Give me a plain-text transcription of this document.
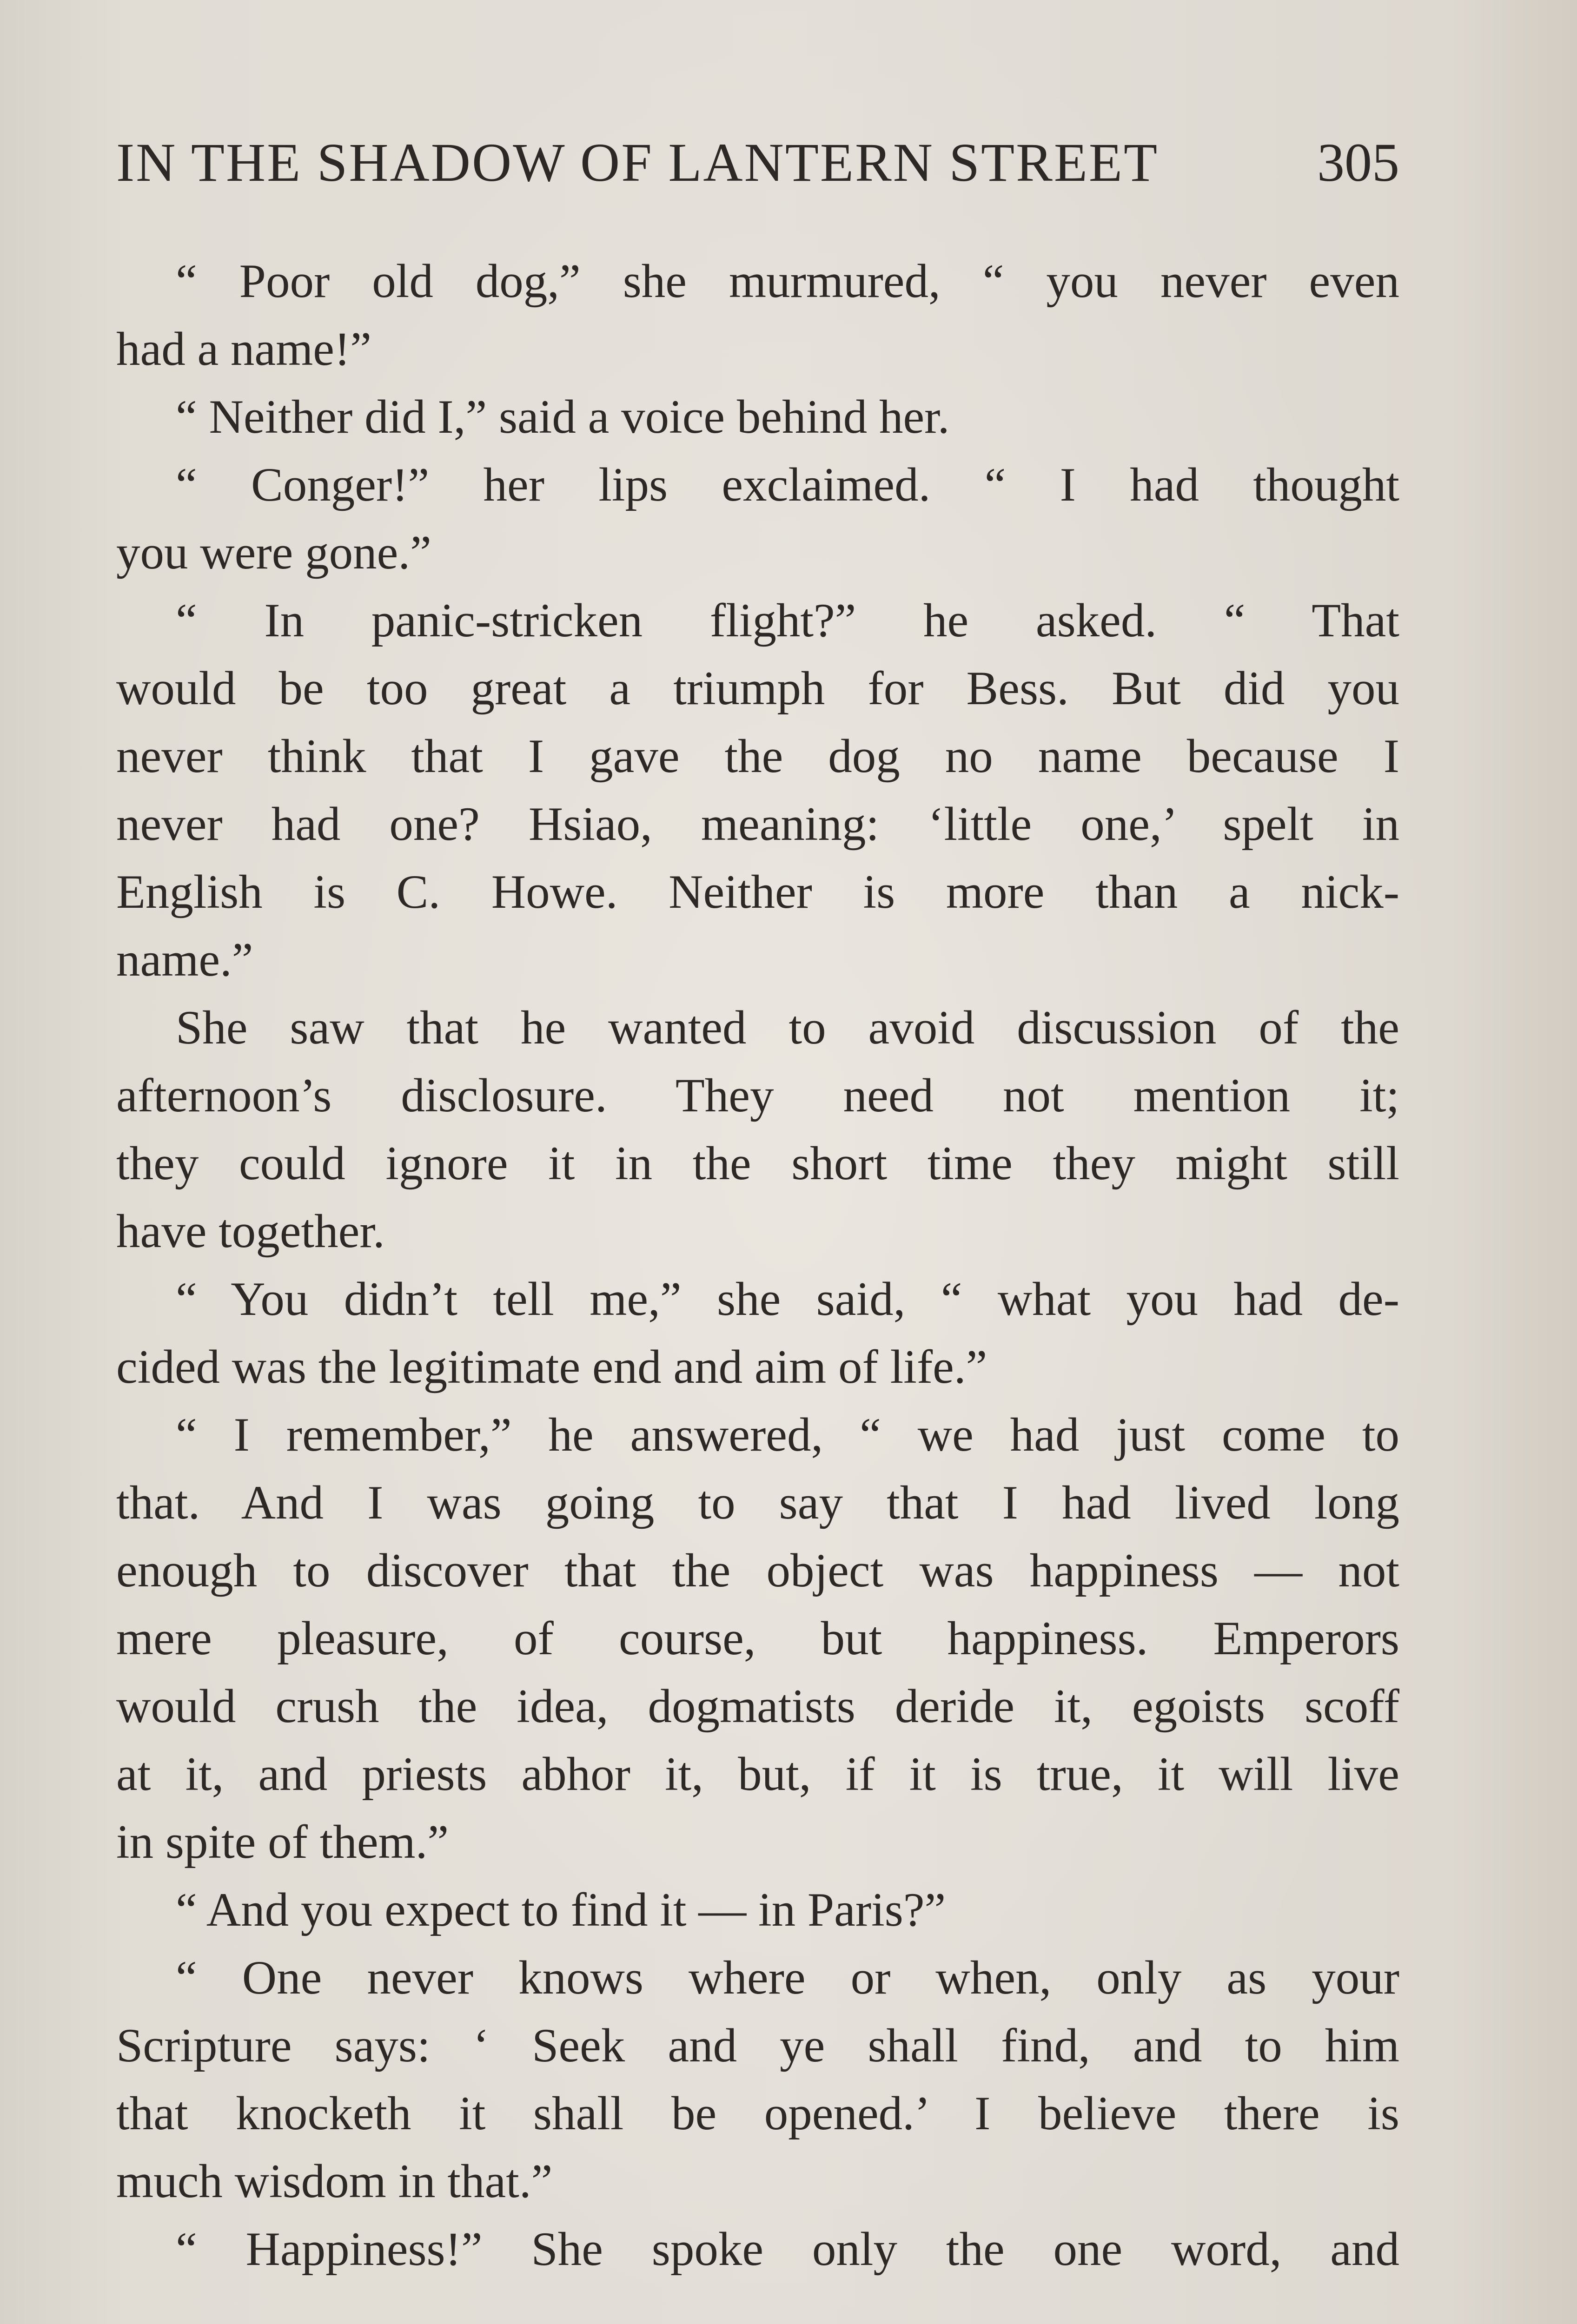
IN THE SHADOW OF LANTERN STREET	305
“ Poor old dog,” she murmured, “ you never even
had a name!”
“ Neither did I,” said a voice behind her.
“ Conger!” her lips exclaimed. “ I had thought
you were gone.”
“ In panic-stricken flight?” he asked. “ That
would be too great a triumph for Bess. But did you
never think that I gave the dog no name because I
never had one? Hsiao, meaning: ‘little one,’ spelt in
English is C. Howe. Neither is more than a nick-
name.”
She saw that he wanted to avoid discussion of the
afternoon’s disclosure. They need not mention it;
they could ignore it in the short time they might still
have together.
“ You didn’t tell me,” she said, “ what you had de-
cided was the legitimate end and aim of life.”
“ I remember,” he answered, “ we had just come to
that. And I was going to say that I had lived long
enough to discover that the object was happiness — not
mere pleasure, of course, but happiness. Emperors
would crush the idea, dogmatists deride it, egoists scoff
at it, and priests abhor it, but, if it is true, it will live
in spite of them.”
“ And you expect to find it — in Paris?”
“ One never knows where or when, only as your
Scripture says: ‘ Seek and ye shall find, and to him
that knocketh it shall be opened.’ I believe there is
much wisdom in that.”
“ Happiness!” She spoke only the one word, and
